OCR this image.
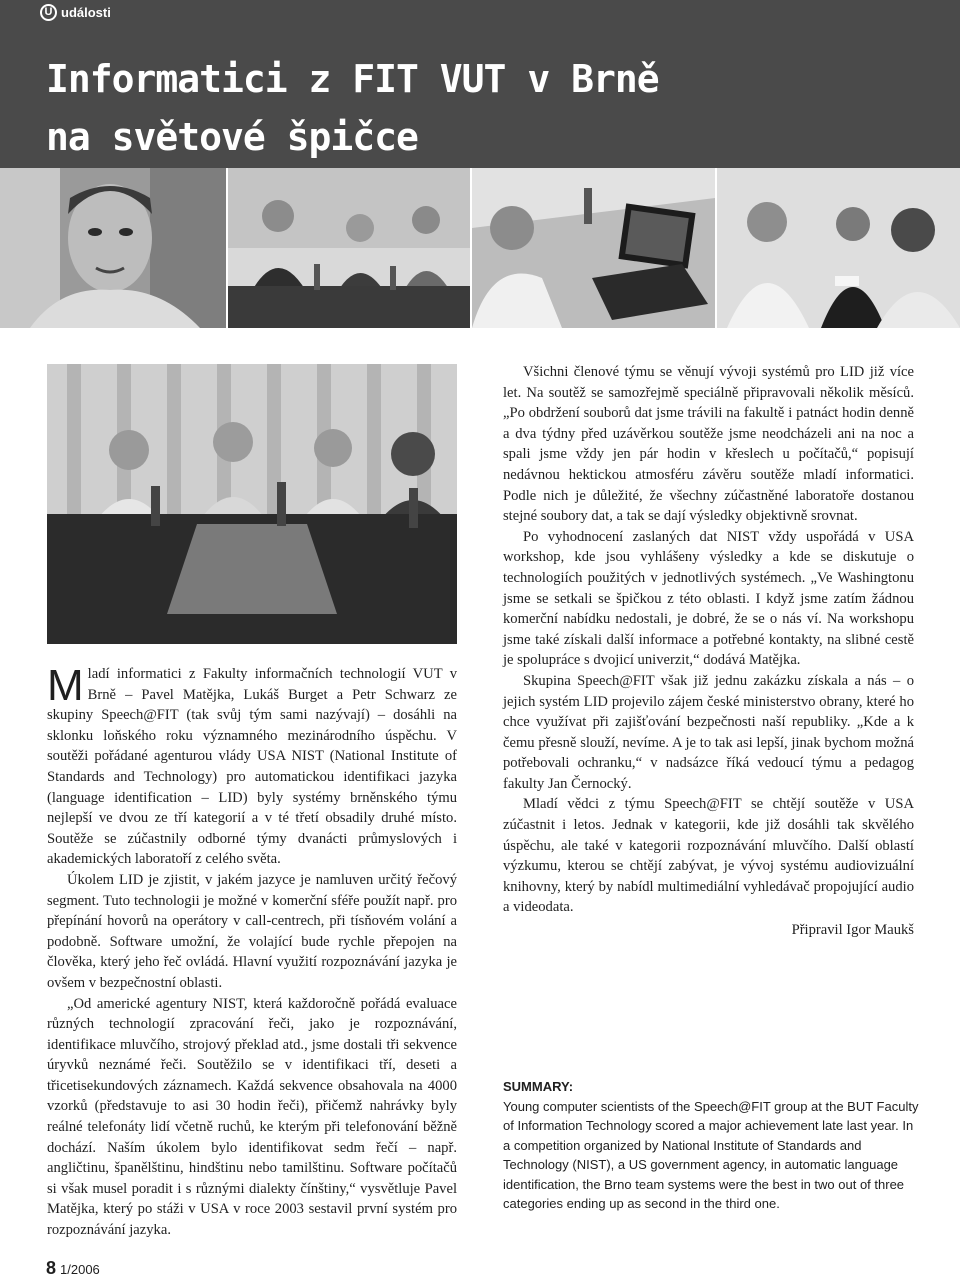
U události
Informatici z FIT VUT v Brně
na světové špičce

Mladí informatici z Fakulty informačních technologií VUT v Brně – Pavel Matějka, Lukáš Burget a Petr Schwarz ze skupiny Speech@FIT (tak svůj tým sami nazývají) – dosáhli na sklonku loňského roku významného mezinárodního úspěchu. V soutěži pořádané agenturou vlády USA NIST (National Institute of Standards and Technology) pro automatickou identifikaci jazyka (language identification – LID) byly systémy brněnského týmu nejlepší ve dvou ze tří kategorií a v té třetí obsadily druhé místo. Soutěže se zúčastnily odborné týmy dvanácti průmyslových i akademických laboratoří z celého světa.

Úkolem LID je zjistit, v jakém jazyce je namluven určitý řečový segment. Tuto technologii je možné v komerční sféře použít např. pro přepínání hovorů na operátory v call-centrech, při tísňovém volání a podobně. Software umožní, že volající bude rychle přepojen na člověka, který jeho řeč ovládá. Hlavní využití rozpoznávání jazyka je ovšem v bezpečnostní oblasti.

„Od americké agentury NIST, která každoročně pořádá evaluace různých technologií zpracování řeči, jako je rozpoznávání, identifikace mluvčího, strojový překlad atd., jsme dostali tři sekvence úryvků neznámé řeči. Soutěžilo se v identifikaci tří, deseti a třicetisekundových záznamech. Každá sekvence obsahovala na 4000 vzorků (představuje to asi 30 hodin řeči), přičemž nahrávky byly reálné telefonáty lidí včetně ruchů, ke kterým při telefonování běžně dochází. Naším úkolem bylo identifikovat sedm řečí – např. angličtinu, španělštinu, hindštinu nebo tamilštinu. Software počítačů si však musel poradit i s různými dialekty čínštiny,“ vysvětluje Pavel Matějka, který po stáži v USA v roce 2003 sestavil první systém pro rozpoznávání jazyka.

Všichni členové týmu se věnují vývoji systémů pro LID již více let. Na soutěž se samozřejmě speciálně připravovali několik měsíců. „Po obdržení souborů dat jsme trávili na fakultě i patnáct hodin denně a dva týdny před uzávěrkou soutěže jsme neodcházeli ani na noc a spali jsme vždy jen pár hodin v křeslech u počítačů,“ popisují nedávnou hektickou atmosféru závěru soutěže mladí informatici. Podle nich je důležité, že všechny zúčastněné laboratoře dostanou stejné soubory dat, a tak se dají výsledky objektivně srovnat.

Po vyhodnocení zaslaných dat NIST vždy uspořádá v USA workshop, kde jsou vyhlášeny výsledky a kde se diskutuje o technologiích použitých v jednotlivých systémech. „Ve Washingtonu jsme se setkali se špičkou z této oblasti. I když jsme zatím žádnou komerční nabídku nedostali, je dobré, že se o nás ví. Na workshopu jsme také získali další informace a potřebné kontakty, na slibné cestě je spolupráce s dvojicí univerzit,“ dodává Matějka.

Skupina Speech@FIT však již jednu zakázku získala a nás – o jejich systém LID projevilo zájem české ministerstvo obrany, které ho chce využívat při zajišťování bezpečnosti naší republiky. „Kde a k čemu přesně slouží, nevíme. A je to tak asi lepší, jinak bychom možná potřebovali ochranku,“ v nadsázce říká vedoucí týmu a pedagog fakulty Jan Černocký.

Mladí vědci z týmu Speech@FIT se chtějí soutěže v USA zúčastnit i letos. Jednak v kategorii, kde již dosáhli tak skvělého úspěchu, ale také v kategorii rozpoznávání mluvčího. Další oblastí výzkumu, kterou se chtějí zabývat, je vývoj systému audiovizuální knihovny, který by nabídl multimediální vyhledávač propojující audio a videodata.

Připravil Igor Maukš

SUMMARY:

Young computer scientists of the Speech@FIT group at the BUT Faculty of Information Technology scored a major achievement late last year. In a competition organized by National Institute of Standards and Technology (NIST), a US government agency, in automatic language identification, the Brno team systems were the best in two out of three categories ending up as second in the third one.

8 1/2006
